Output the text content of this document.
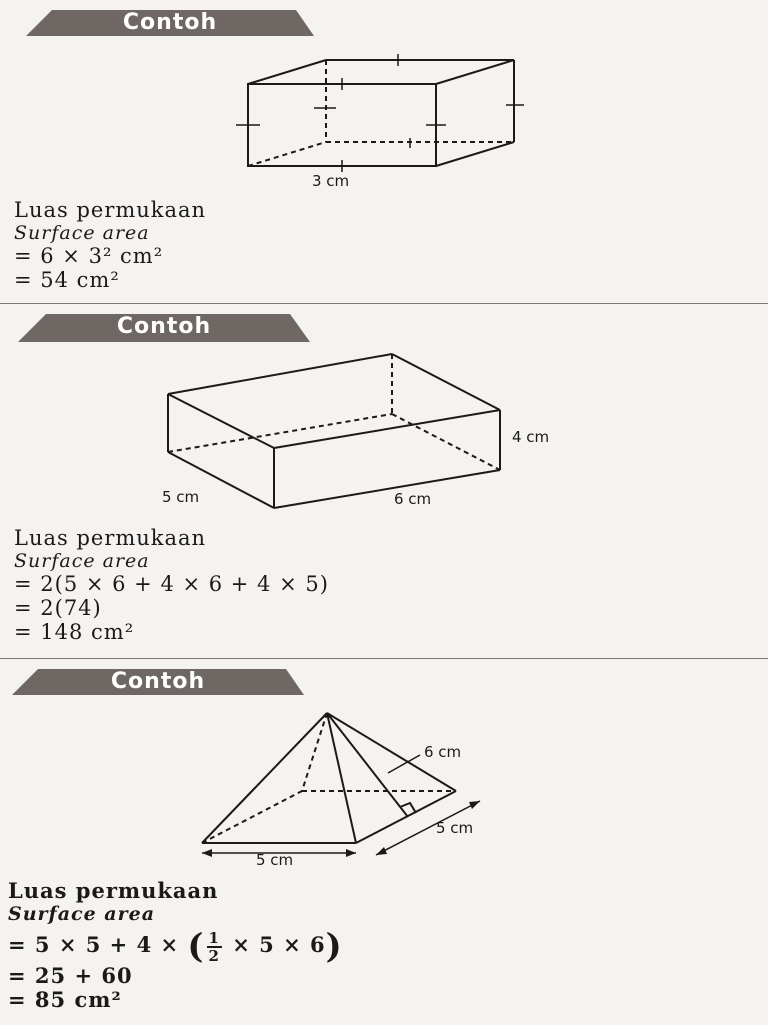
Contoh
3 cm
Luas permukaan
Surface area
= 6 × 3² cm²
= 54 cm²
Contoh
4 cm
5 cm	6 cm
Luas permukaan
Surface area
= 2(5 × 6 + 4 × 6 + 4 × 5)
= 2(74)
= 148 cm²
Contoh
6 cm
5 cm
5 cm
Luas permukaan
Surface area
= 5 × 5 + 4 × ( $\frac{1}{2} \times 5 \times 6$)
= 25 + 60
= 85 cm²
